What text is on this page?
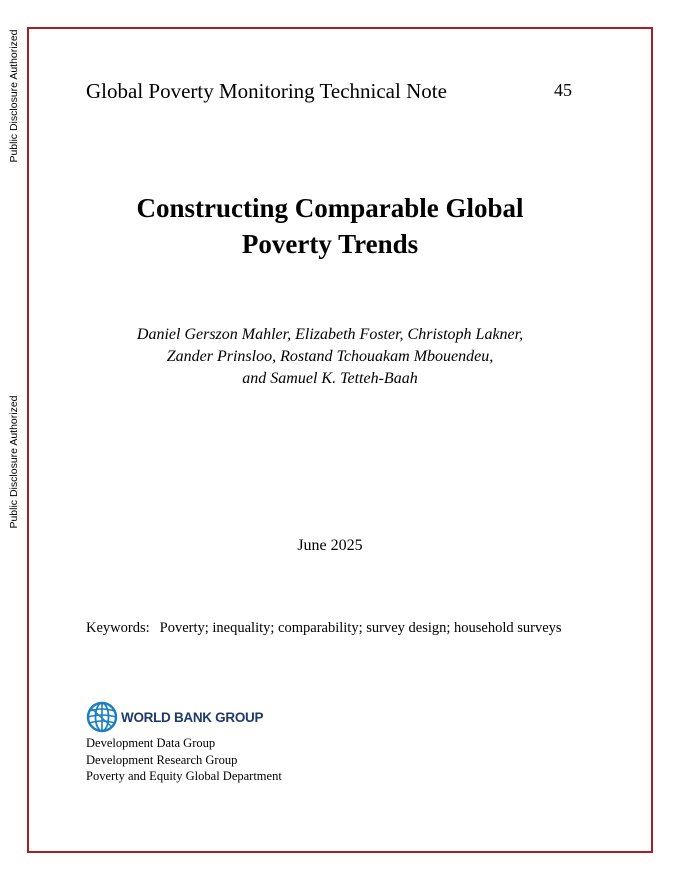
Public Disclosure Authorized
Public Disclosure Authorized
Global Poverty Monitoring Technical Note	45
Constructing Comparable Global
Poverty Trends
Daniel Gerszon Mahler, Elizabeth Foster, Christoph Lakner,
Zander Prinsloo, Rostand Tchouakam Mbouendeu,
and Samuel K. Tetteh-Baah
June 2025
Keywords: Poverty; inequality; comparability; survey design; household surveys
WORLD BANK GROUP
Development Data Group
Development Research Group
Poverty and Equity Global Department
